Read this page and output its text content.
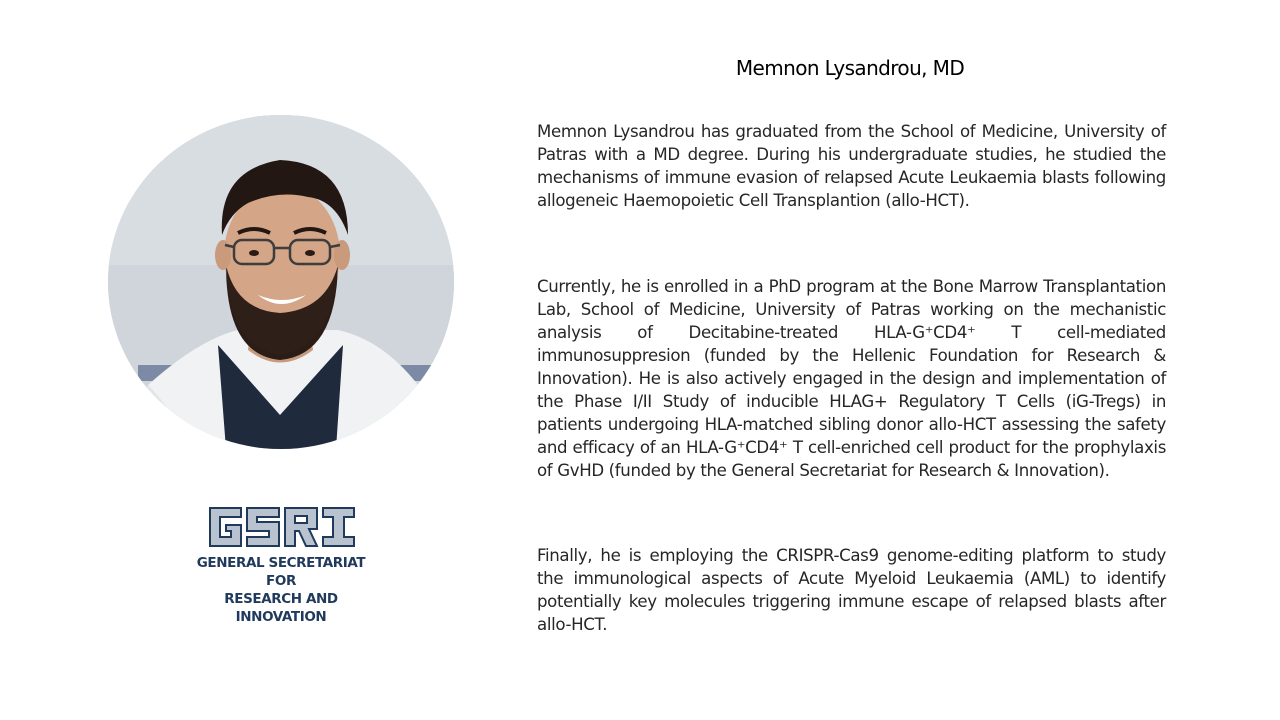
Memnon Lysandrou, MD
GENERAL SECRETARIAT FOR
RESEARCH AND INNOVATION
Memnon Lysandrou has graduated from the School of Medicine, University of Patras with a MD degree. During his undergraduate studies, he studied the mechanisms of immune evasion of relapsed Acute Leukaemia blasts following allogeneic Haemopoietic Cell Transplantion (allo-HCT).
Currently, he is enrolled in a PhD program at the Bone Marrow Transplantation Lab, School of Medicine, University of Patras working on the mechanistic analysis of Decitabine-treated HLA-G⁺CD4⁺ T cell-mediated immunosuppresion (funded by the Hellenic Foundation for Research & Innovation). He is also actively engaged in the design and implementation of the Phase I/II Study of inducible HLAG+ Regulatory T Cells (iG-Tregs) in patients undergoing HLA-matched sibling donor allo-HCT assessing the safety and efficacy of an HLA-G⁺CD4⁺ T cell-enriched cell product for the prophylaxis of GvHD (funded by the General Secretariat for Research & Innovation).
Finally, he is employing the CRISPR-Cas9 genome-editing platform to study the immunological aspects of Acute Myeloid Leukaemia (AML) to identify potentially key molecules triggering immune escape of relapsed blasts after allo-HCT.
